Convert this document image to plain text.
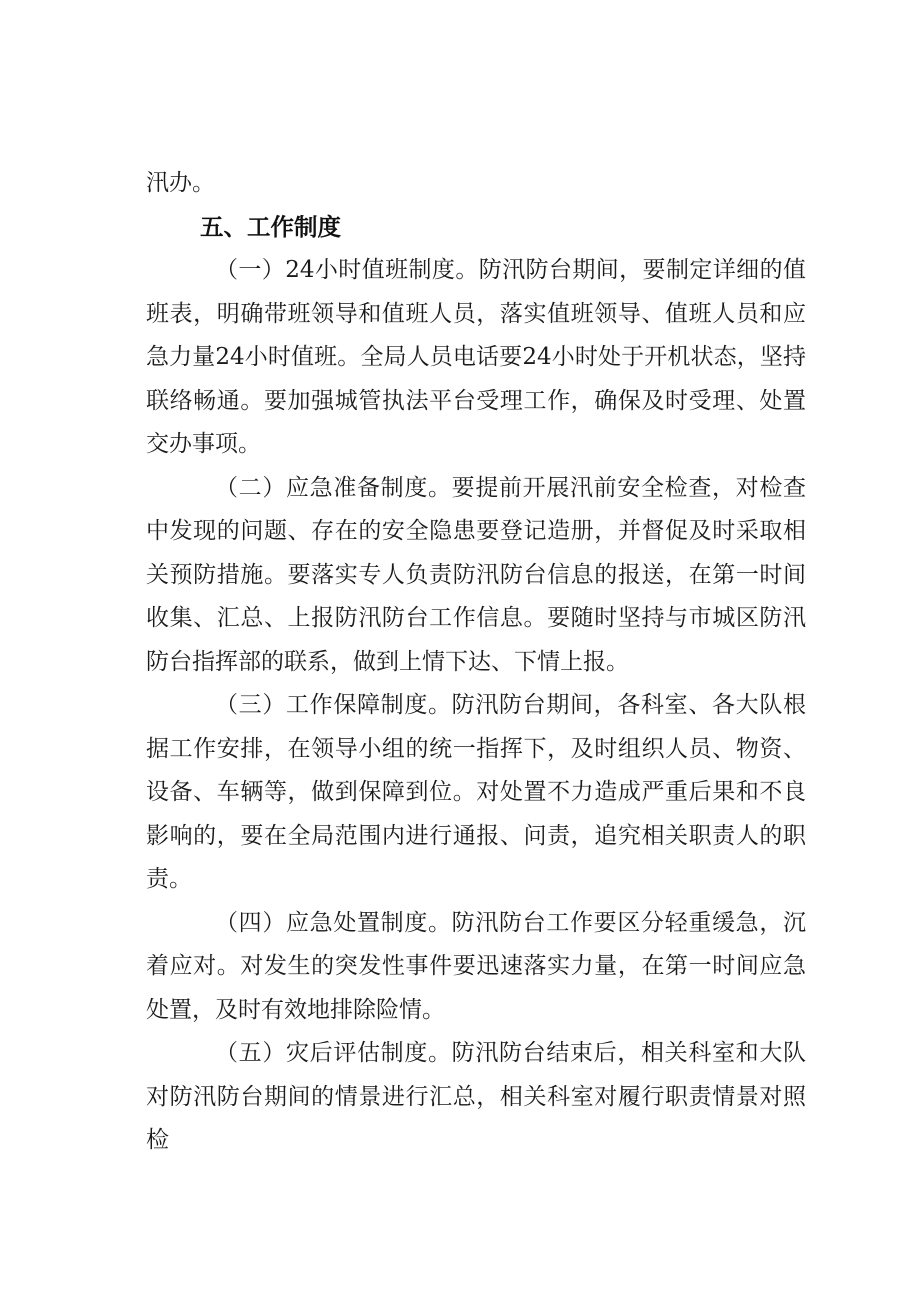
汛办。

五、工作制度

（一）24小时值班制度。防汛防台期间，要制定详细的值班表，明确带班领导和值班人员，落实值班领导、值班人员和应急力量24小时值班。全局人员电话要24小时处于开机状态，坚持联络畅通。要加强城管执法平台受理工作，确保及时受理、处置交办事项。

（二）应急准备制度。要提前开展汛前安全检查，对检查中发现的问题、存在的安全隐患要登记造册，并督促及时采取相关预防措施。要落实专人负责防汛防台信息的报送，在第一时间收集、汇总、上报防汛防台工作信息。要随时坚持与市城区防汛防台指挥部的联系，做到上情下达、下情上报。

（三）工作保障制度。防汛防台期间，各科室、各大队根据工作安排，在领导小组的统一指挥下，及时组织人员、物资、设备、车辆等，做到保障到位。对处置不力造成严重后果和不良影响的，要在全局范围内进行通报、问责，追究相关职责人的职责。

（四）应急处置制度。防汛防台工作要区分轻重缓急，沉着应对。对发生的突发性事件要迅速落实力量，在第一时间应急处置，及时有效地排除险情。

（五）灾后评估制度。防汛防台结束后，相关科室和大队对防汛防台期间的情景进行汇总，相关科室对履行职责情景对照检
